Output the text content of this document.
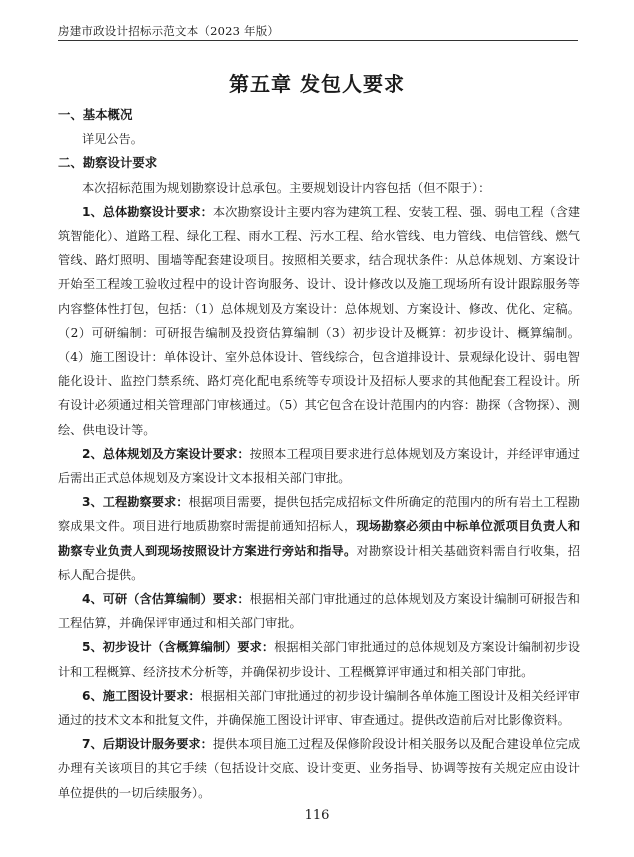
房建市政设计招标示范文本（2023 年版）
第五章 发包人要求
一、基本概况
详见公告。
二、勘察设计要求

本次招标范围为规划勘察设计总承包。主要规划设计内容包括（但不限于）：

1、总体勘察设计要求：本次勘察设计主要内容为建筑工程、安装工程、强、弱电工程（含建筑智能化）、道路工程、绿化工程、雨水工程、污水工程、给水管线、电力管线、电信管线、燃气管线、路灯照明、围墙等配套建设项目。按照相关要求，结合现状条件：从总体规划、方案设计开始至工程竣工验收过程中的设计咨询服务、设计、设计修改以及施工现场所有设计跟踪服务等内容整体性打包，包括：（1）总体规划及方案设计：总体规划、方案设计、修改、优化、定稿。（2）可研编制：可研报告编制及投资估算编制（3）初步设计及概算：初步设计、概算编制。（4）施工图设计：单体设计、室外总体设计、管线综合，包含道排设计、景观绿化设计、弱电智能化设计、监控门禁系统、路灯亮化配电系统等专项设计及招标人要求的其他配套工程设计。所有设计必须通过相关管理部门审核通过。（5）其它包含在设计范围内的内容：勘探（含物探）、测绘、供电设计等。

2、总体规划及方案设计要求：按照本工程项目要求进行总体规划及方案设计，并经评审通过后需出正式总体规划及方案设计文本报相关部门审批。

3、工程勘察要求：根据项目需要，提供包括完成招标文件所确定的范围内的所有岩土工程勘察成果文件。项目进行地质勘察时需提前通知招标人，现场勘察必须由中标单位派项目负责人和勘察专业负责人到现场按照设计方案进行旁站和指导。对勘察设计相关基础资料需自行收集，招标人配合提供。

4、可研（含估算编制）要求：根据相关部门审批通过的总体规划及方案设计编制可研报告和工程估算，并确保评审通过和相关部门审批。

5、初步设计（含概算编制）要求：根据相关部门审批通过的总体规划及方案设计编制初步设计和工程概算、经济技术分析等，并确保初步设计、工程概算评审通过和相关部门审批。

6、施工图设计要求：根据相关部门审批通过的初步设计编制各单体施工图设计及相关经评审通过的技术文本和批复文件，并确保施工图设计评审、审查通过。提供改造前后对比影像资料。

7、后期设计服务要求：提供本项目施工过程及保修阶段设计相关服务以及配合建设单位完成办理有关该项目的其它手续（包括设计交底、设计变更、业务指导、协调等按有关规定应由设计单位提供的一切后续服务）。

116
